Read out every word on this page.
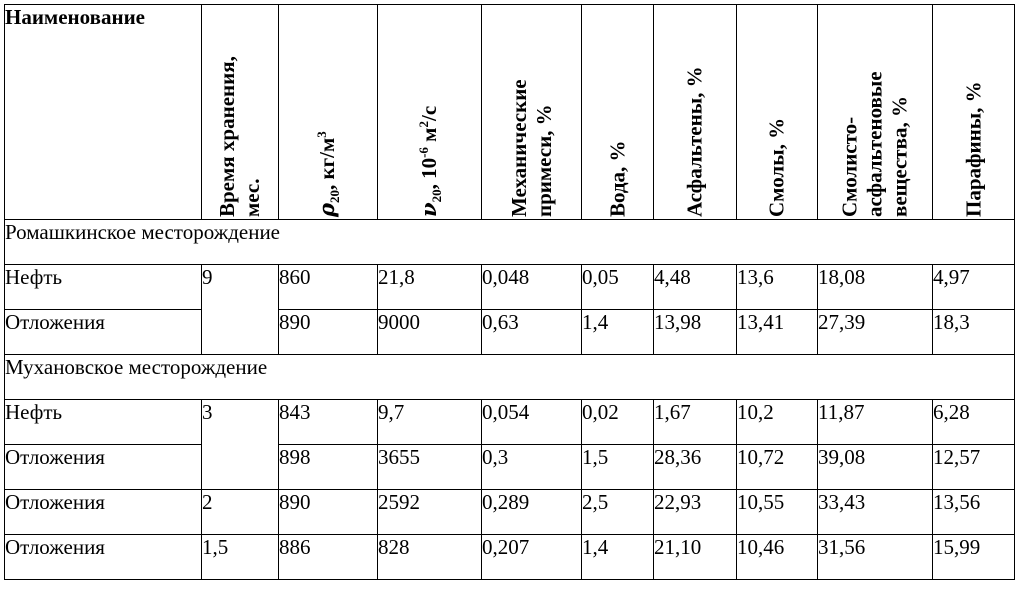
Наименование	Время хранения, мес.	$\rho_{20}$, $кг/м^3$	$\nu_{20}$, $10^{-6}$ $м^2/с$	Механические примеси, %	Вода, %	Асфальтены, %	Смолы, %	Смолисто-асфальтеновые вещества, %	Парафины, %

Ромашкинское месторождение									
Нефть	9	860	21,8	0,048	0,05	4,48	13,6	18,08	4,97
Отложения		890	9000	0,63	1,4	13,98	13,41	27,39	18,3
Мухановское месторождение									
Нефть	3	843	9,7	0,054	0,02	1,67	10,2	11,87	6,28
Отложения		898	3655	0,3	1,5	28,36	10,72	39,08	12,57
Отложения	2	890	2592	0,289	2,5	22,93	10,55	33,43	13,56
Отложения	1,5	886	828	0,207	1,4	21,10	10,46	31,56	15,99
